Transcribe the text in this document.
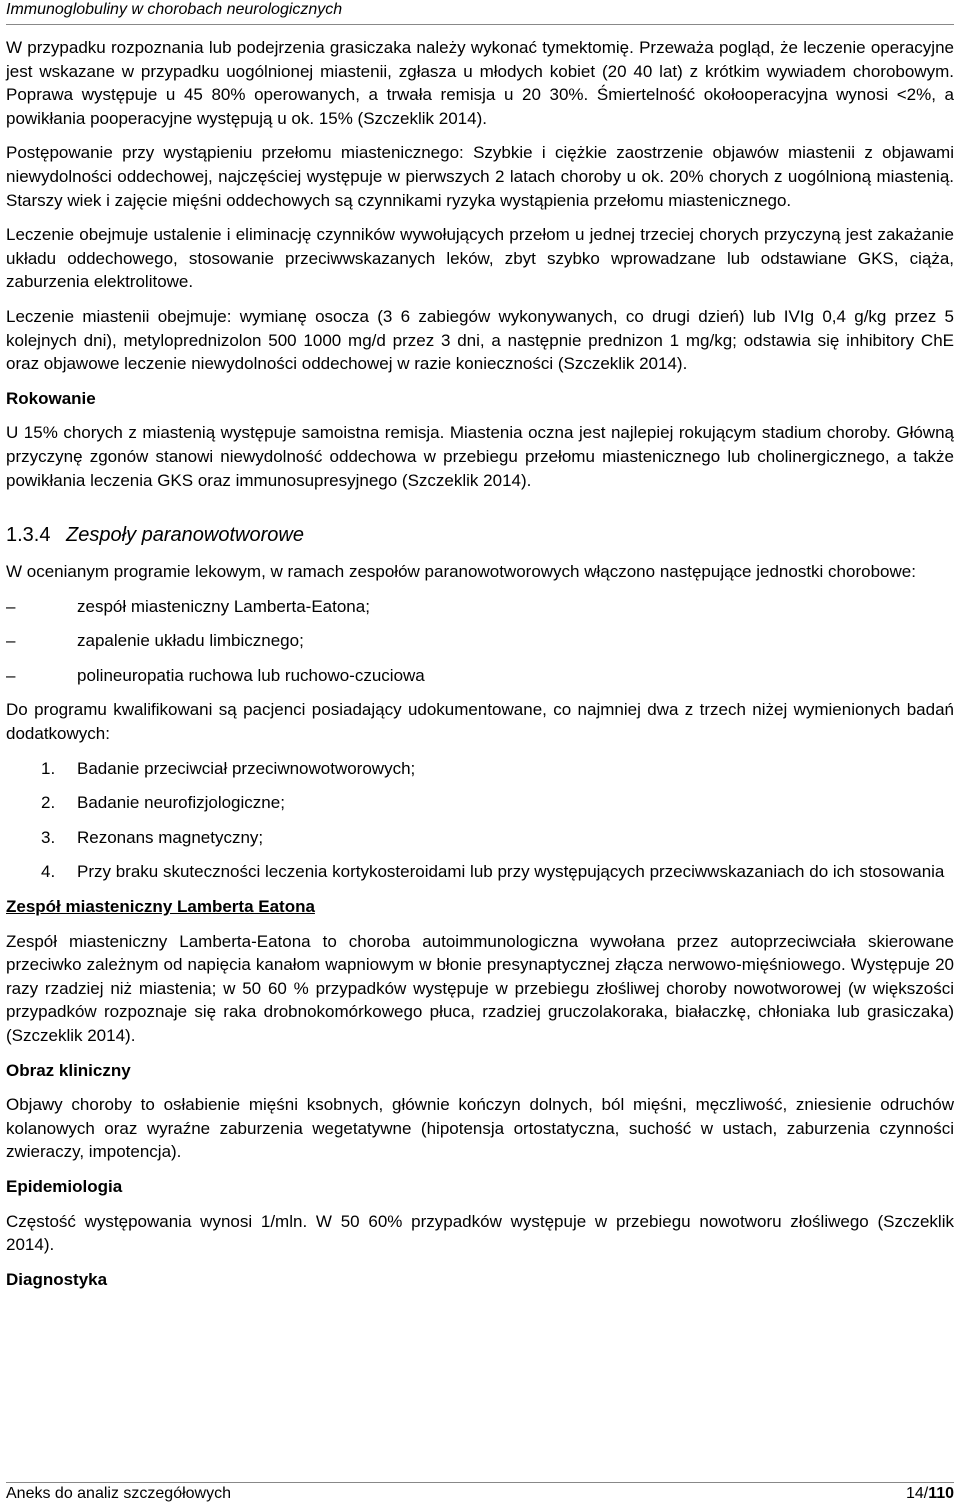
Immunoglobuliny w chorobach neurologicznych

W przypadku rozpoznania lub podejrzenia grasiczaka należy wykonać tymektomię. Przeważa pogląd, że leczenie operacyjne jest wskazane w przypadku uogólnionej miastenii, zgłasza u młodych kobiet (20 40 lat) z krótkim wywiadem chorobowym. Poprawa występuje u 45 80% operowanych, a trwała remisja u 20 30%. Śmiertelność okołooperacyjna wynosi <2%, a powikłania pooperacyjne występują u ok. 15% (Szczeklik 2014).

Postępowanie przy wystąpieniu przełomu miastenicznego: Szybkie i ciężkie zaostrzenie objawów miastenii z objawami niewydolności oddechowej, najczęściej występuje w pierwszych 2 latach choroby u ok. 20% chorych z uogólnioną miastenią. Starszy wiek i zajęcie mięśni oddechowych są czynnikami ryzyka wystąpienia przełomu miastenicznego.

Leczenie obejmuje ustalenie i eliminację czynników wywołujących przełom u jednej trzeciej chorych przyczyną jest zakażanie układu oddechowego, stosowanie przeciwwskazanych leków, zbyt szybko wprowadzane lub odstawiane GKS, ciąża, zaburzenia elektrolitowe.

Leczenie miastenii obejmuje: wymianę osocza (3 6 zabiegów wykonywanych, co drugi dzień) lub IVIg 0,4 g/kg przez 5 kolejnych dni), metyloprednizolon 500 1000 mg/d przez 3 dni, a następnie prednizon 1 mg/kg; odstawia się inhibitory ChE oraz objawowe leczenie niewydolności oddechowej w razie konieczności (Szczeklik 2014).

Rokowanie

U 15% chorych z miastenią występuje samoistna remisja. Miastenia oczna jest najlepiej rokującym stadium choroby. Główną przyczynę zgonów stanowi niewydolność oddechowa w przebiegu przełomu miastenicznego lub cholinergicznego, a także powikłania leczenia GKS oraz immunosupresyjnego (Szczeklik 2014).

1.3.4 Zespoły paranowotworowe

W ocenianym programie lekowym, w ramach zespołów paranowotworowych włączono następujące jednostki chorobowe:

–	zespół miasteniczny Lamberta-Eatona;
–	zapalenie układu limbicznego;
–	polineuropatia ruchowa lub ruchowo-czuciowa

Do programu kwalifikowani są pacjenci posiadający udokumentowane, co najmniej dwa z trzech niżej wymienionych badań dodatkowych:

1. Badanie przeciwciał przeciwnowotworowych;
2. Badanie neurofizjologiczne;
3. Rezonans magnetyczny;
4. Przy braku skuteczności leczenia kortykosteroidami lub przy występujących przeciwwskazaniach do ich stosowania
Zespół miasteniczny Lamberta Eatona

Zespół miasteniczny Lamberta-Eatona to choroba autoimmunologiczna wywołana przez autoprzeciwciała skierowane przeciwko zależnym od napięcia kanałom wapniowym w błonie presynaptycznej złącza nerwowo-mięśniowego. Występuje 20 razy rzadziej niż miastenia; w 50 60 % przypadków występuje w przebiegu złośliwej choroby nowotworowej (w większości przypadków rozpoznaje się raka drobnokomórkowego płuca, rzadziej gruczolakoraka, białaczkę, chłoniaka lub grasiczaka) (Szczeklik 2014).

Obraz kliniczny

Objawy choroby to osłabienie mięśni ksobnych, głównie kończyn dolnych, ból mięśni, męczliwość, zniesienie odruchów kolanowych oraz wyraźne zaburzenia wegetatywne (hipotensja ortostatyczna, suchość w ustach, zaburzenia czynności zwieraczy, impotencja).

Epidemiologia

Częstość występowania wynosi 1/mln. W 50 60% przypadków występuje w przebiegu nowotworu złośliwego (Szczeklik 2014).

Diagnostyka
Aneks do analiz szczegółowych	14/110
